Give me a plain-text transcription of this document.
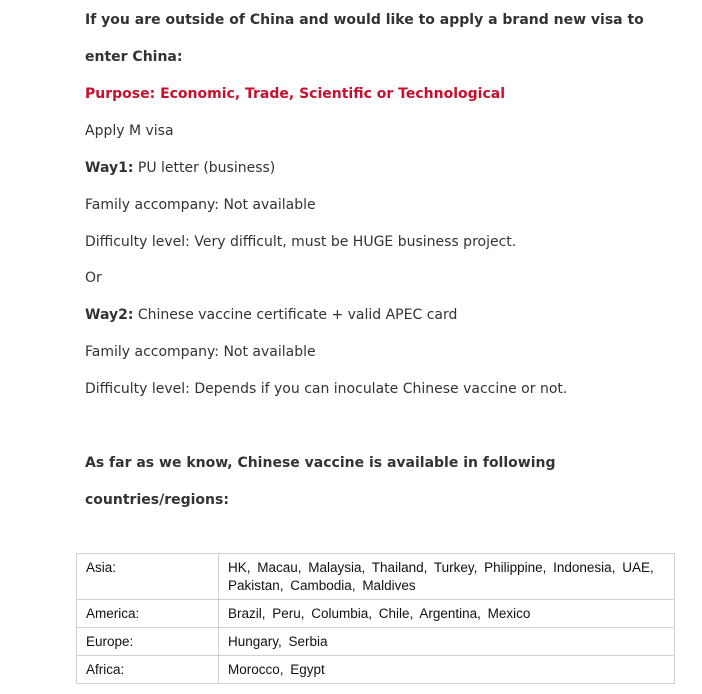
If you are outside of China and would like to apply a brand new visa to
enter China:
Purpose: Economic, Trade, Scientific or Technological
Apply M visa
Way1: PU letter (business)
Family accompany: Not available
Difficulty level: Very difficult, must be HUGE business project.
Or
Way2: Chinese vaccine certificate + valid APEC card
Family accompany: Not available
Difficulty level: Depends if you can inoculate Chinese vaccine or not.
As far as we know, Chinese vaccine is available in following
countries/regions:
Asia:	HK, Macau, Malaysia, Thailand, Turkey, Philippine, Indonesia, UAE, Pakistan, Cambodia, Maldives
America:	Brazil, Peru, Columbia, Chile, Argentina, Mexico
Europe:	Hungary, Serbia
Africa:	Morocco, Egypt
